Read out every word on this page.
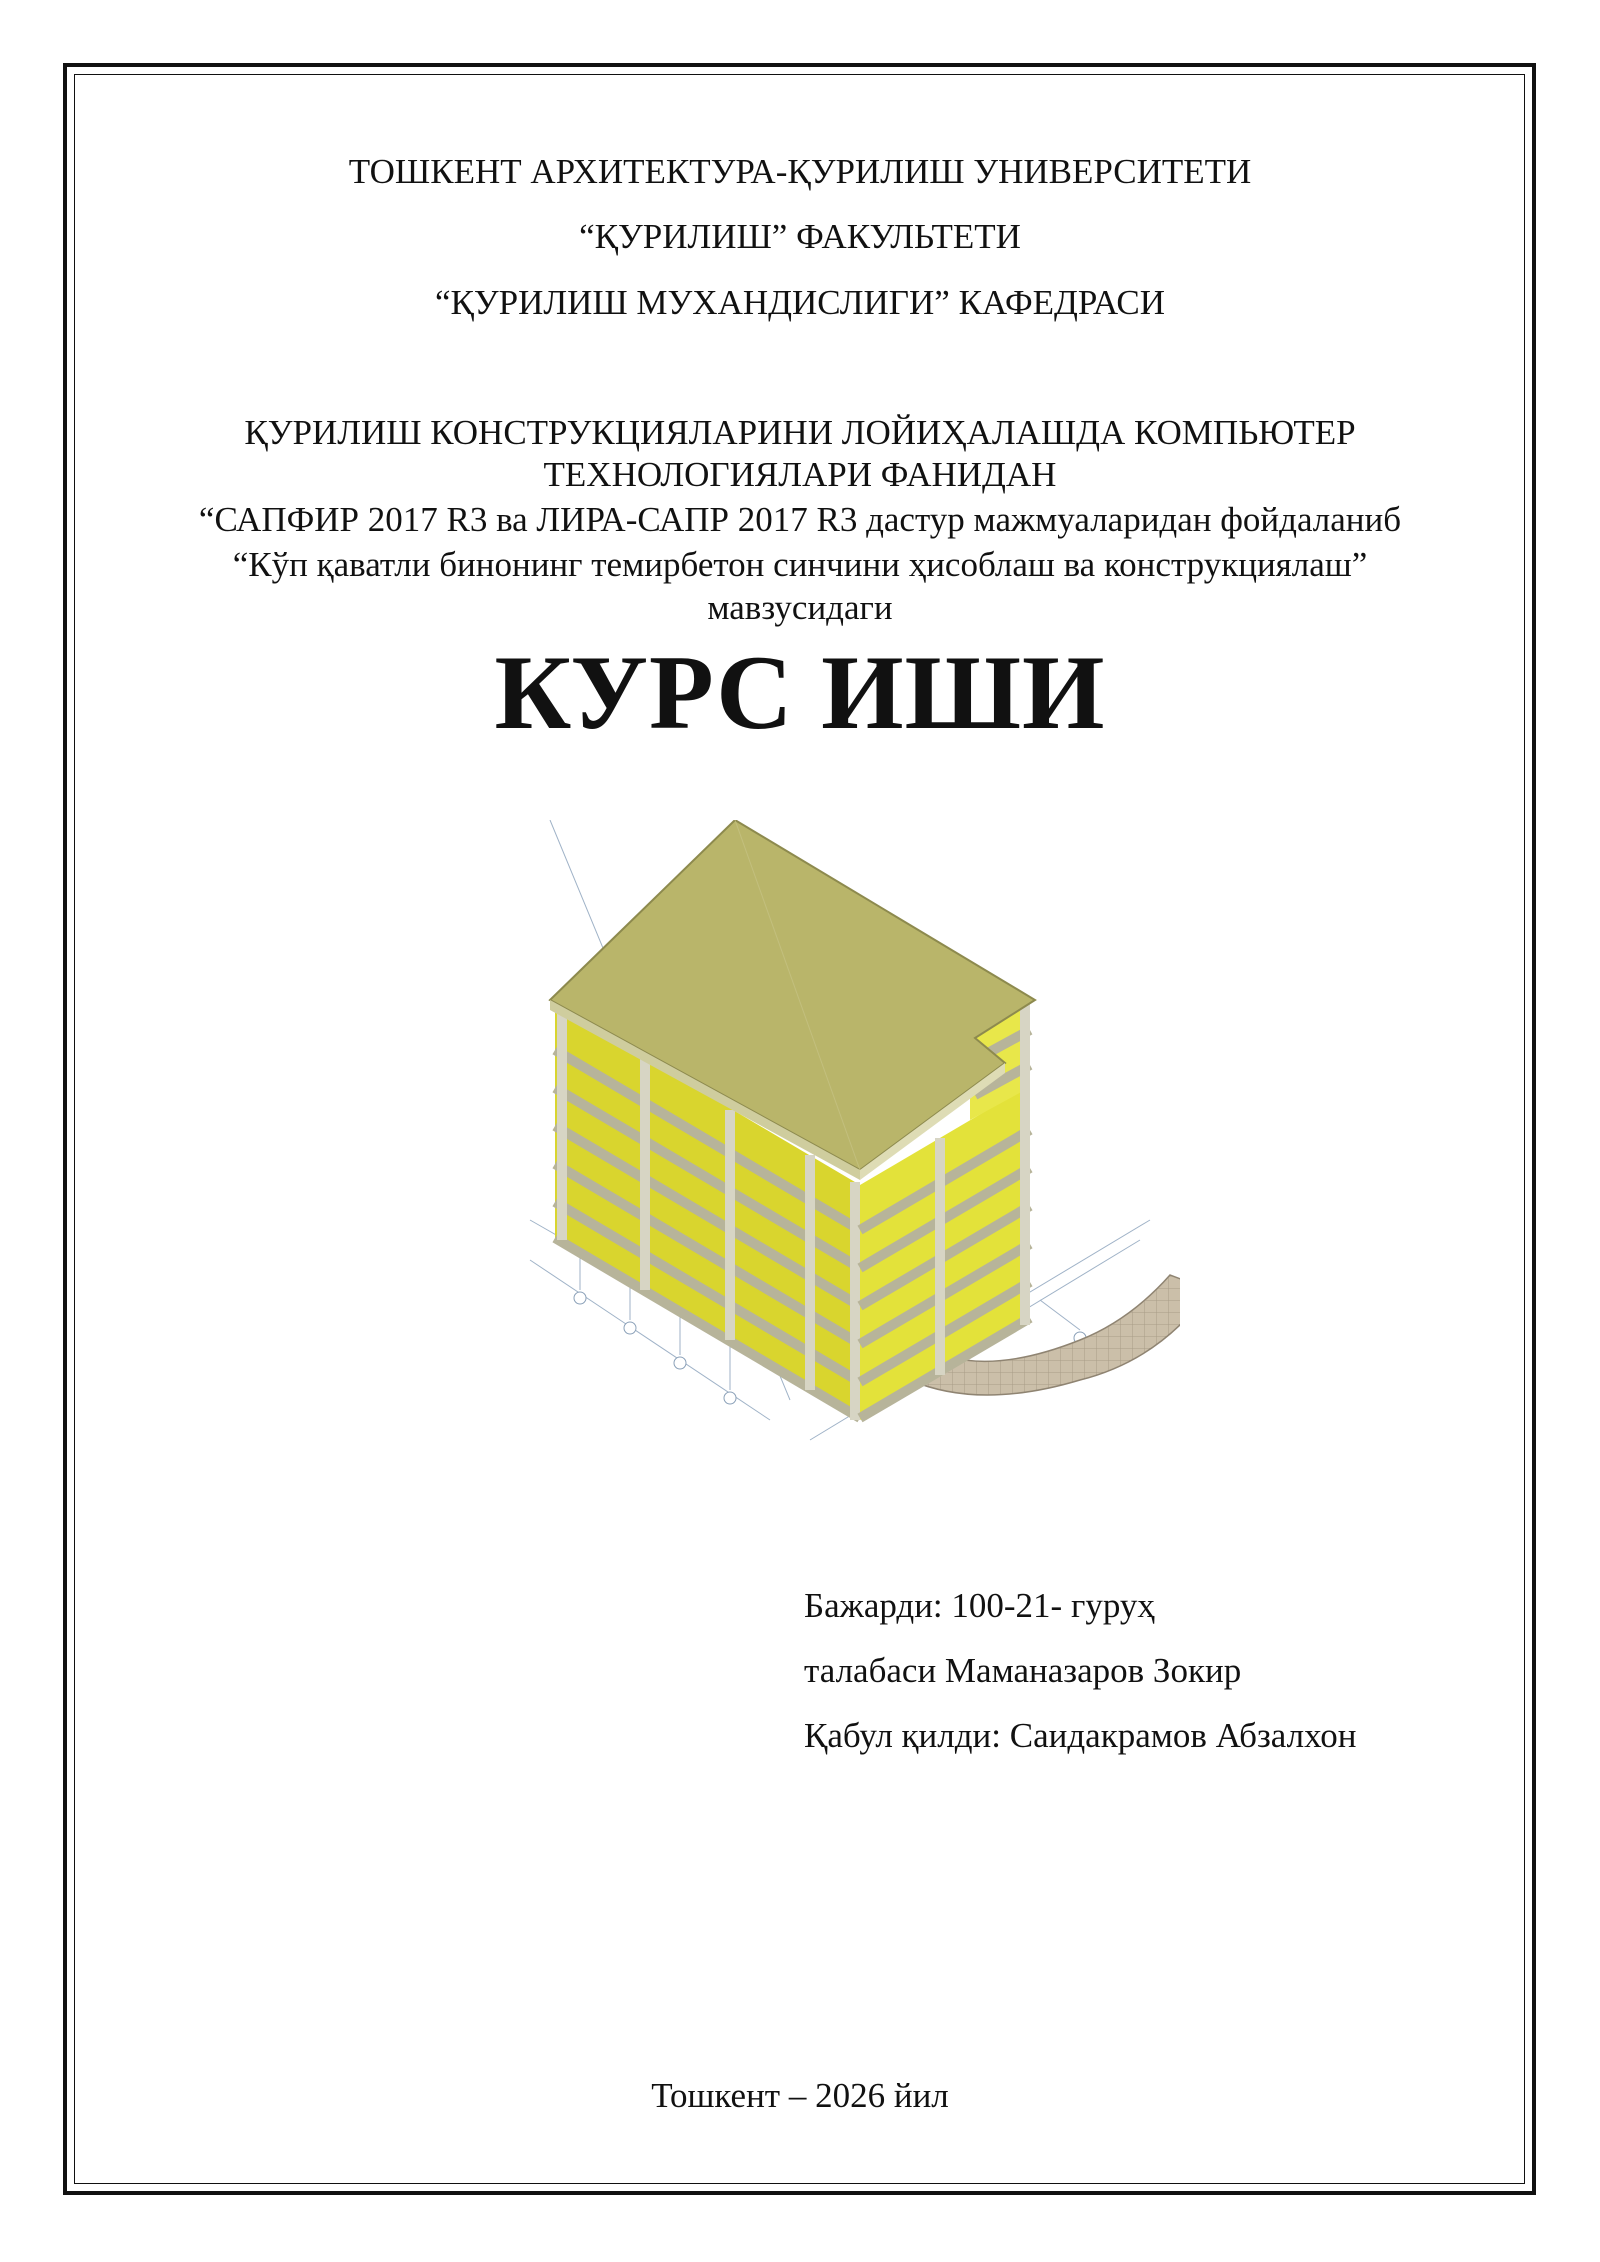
ТОШКЕНТ АРХИТЕКТУРА-ҚУРИЛИШ УНИВЕРСИТЕТИ
“ҚУРИЛИШ” ФАКУЛЬТЕТИ
“ҚУРИЛИШ МУХАНДИСЛИГИ” КАФЕДРАСИ
ҚУРИЛИШ КОНСТРУКЦИЯЛАРИНИ ЛОЙИҲАЛАШДА КОМПЬЮТЕР
ТЕХНОЛОГИЯЛАРИ ФАНИДАН
“САПФИР 2017 R3 ва ЛИРА-САПР 2017 R3 дастур мажмуаларидан фойдаланиб
“Кўп қаватли бинонинг темирбетон синчини ҳисоблаш ва конструкциялаш”
мавзусидаги
КУРС ИШИ
Бажарди: 100-21- гуруҳ
талабаси Маманазаров Зокир
Қабул қилди: Саидакрамов Абзалхон
Тошкент – 2026 йил
